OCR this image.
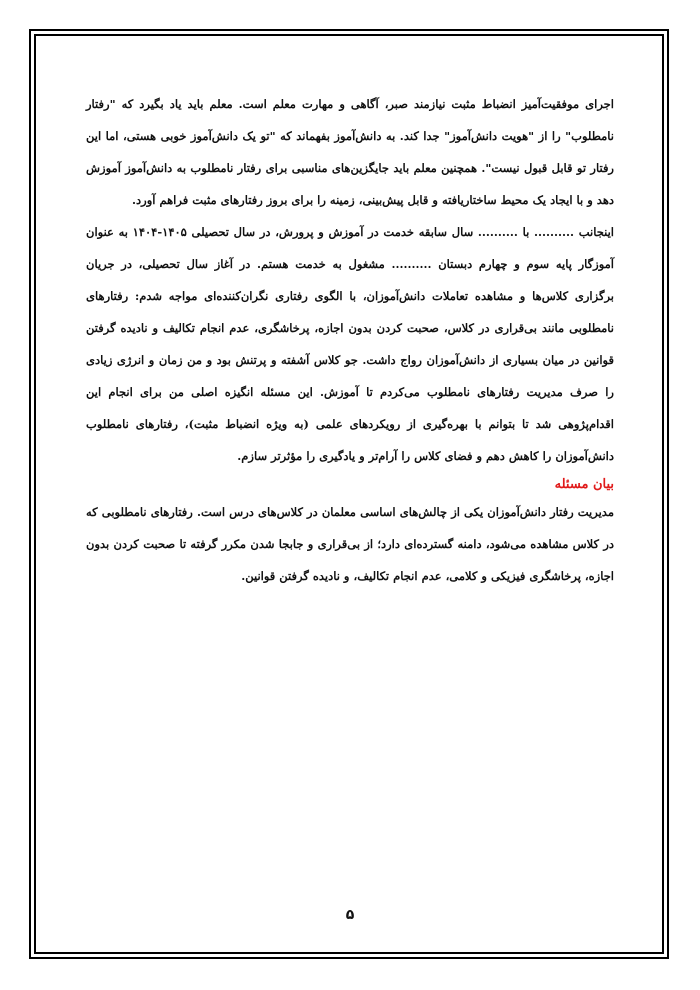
اجرای موفقیت‌آمیز انضباط مثبت نیازمند صبر، آگاهی و مهارت معلم است. معلم باید یاد بگیرد که "رفتار نامطلوب" را از "هویت دانش‌آموز" جدا کند. به دانش‌آموز بفهماند که "تو یک دانش‌آموز خوبی هستی، اما این رفتار تو قابل قبول نیست". همچنین معلم باید جایگزین‌های مناسبی برای رفتار نامطلوب به دانش‌آموز آموزش دهد و با ایجاد یک محیط ساختاریافته و قابل پیش‌بینی، زمینه را برای بروز رفتارهای مثبت فراهم آورد.

اینجانب .......... با .......... سال سابقه خدمت در آموزش و پرورش، در سال تحصیلی ۱۴۰۵-۱۴۰۴ به عنوان آموزگار پایه سوم و چهارم دبستان .......... مشغول به خدمت هستم. در آغاز سال تحصیلی، در جریان برگزاری کلاس‌ها و مشاهده تعاملات دانش‌آموزان، با الگوی رفتاری نگران‌کننده‌ای مواجه شدم: رفتارهای نامطلوبی مانند بی‌قراری در کلاس، صحبت کردن بدون اجازه، پرخاشگری، عدم انجام تکالیف و نادیده گرفتن قوانین در میان بسیاری از دانش‌آموزان رواج داشت. جو کلاس آشفته و پرتنش بود و من زمان و انرژی زیادی را صرف مدیریت رفتارهای نامطلوب می‌کردم تا آموزش. این مسئله انگیزه اصلی من برای انجام این اقدام‌پژوهی شد تا بتوانم با بهره‌گیری از رویکردهای علمی (به ویژه انضباط مثبت)، رفتارهای نامطلوب دانش‌آموزان را کاهش دهم و فضای کلاس را آرام‌تر و یادگیری را مؤثرتر سازم.

بیان مسئله

مدیریت رفتار دانش‌آموزان یکی از چالش‌های اساسی معلمان در کلاس‌های درس است. رفتارهای نامطلوبی که در کلاس مشاهده می‌شود، دامنه گسترده‌ای دارد؛ از بی‌قراری و جابجا شدن مکرر گرفته تا صحبت کردن بدون اجازه، پرخاشگری فیزیکی و کلامی، عدم انجام تکالیف، و نادیده گرفتن قوانین.

۵
